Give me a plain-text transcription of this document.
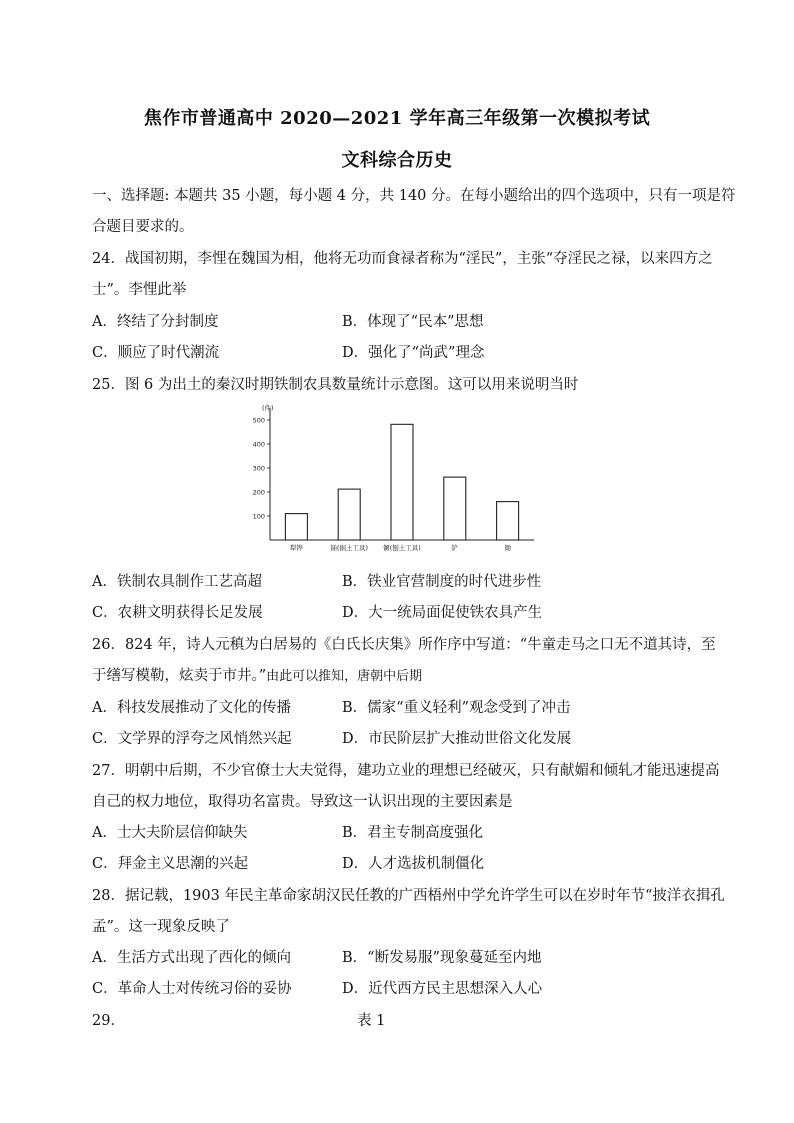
焦作市普通高中 2020—2021 学年高三年级第一次模拟考试
文科综合历史
一、选择题: 本题共 35 小题，每小题 4 分，共 140 分。在每小题给出的四个选项中，只有一项是符
合题目要求的。
24．战国初期，李悝在魏国为相，他将无功而食禄者称为“淫民”，主张“夺淫民之禄，以来四方之
士”。李悝此举
A．终结了分封制度	B．体现了“民本”思想
C．顺应了时代潮流	D．强化了“尚武”理念
25．图 6 为出土的秦汉时期铁制农具数量统计示意图。这可以用来说明当时
(件)
100
200
300
400
500
犁铧	锸(掘土工具) 镢(刨土工具)	铲	锄
A．铁制农具制作工艺高超	B．铁业官营制度的时代进步性
C．农耕文明获得长足发展	D．大一统局面促使铁农具产生
26．824 年，诗人元稹为白居易的《白氏长庆集》所作序中写道：“牛童走马之口无不道其诗，至
于缮写模勒，炫卖于市井。”由此可以推知，唐朝中后期
A．科技发展推动了文化的传播	B．儒家“重义轻利”观念受到了冲击
C．文学界的浮夸之风悄然兴起	D．市民阶层扩大推动世俗文化发展
27．明朝中后期，不少官僚士大夫觉得，建功立业的理想已经破灭，只有献媚和倾轧才能迅速提高
自己的权力地位，取得功名富贵。导致这一认识出现的主要因素是
A．士大夫阶层信仰缺失	B．君主专制高度强化
C．拜金主义思潮的兴起	D．人才选拔机制僵化
28．据记载，1903 年民主革命家胡汉民任教的广西梧州中学允许学生可以在岁时年节“披洋衣揖孔
孟”。这一现象反映了
A．生活方式出现了西化的倾向	B．“断发易服”现象蔓延至内地
C．革命人士对传统习俗的妥协	D．近代西方民主思想深入人心
29．	表 1
